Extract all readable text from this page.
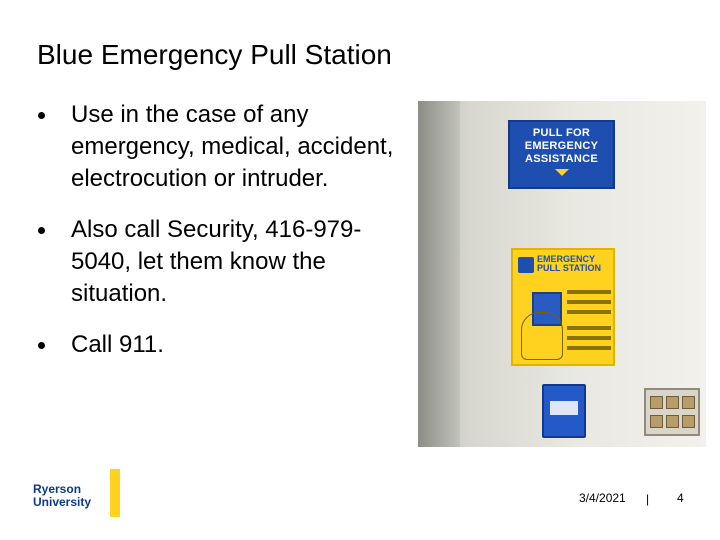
Blue Emergency Pull Station
Use in the case of any emergency, medical, accident, electrocution or intruder.
Also call Security, 416-979-5040, let them know the situation.
Call 911.
PULL FOR
EMERGENCY
ASSISTANCE
EMERGENCY
PULL STATION
Ryerson
University	3/4/2021 | 4
